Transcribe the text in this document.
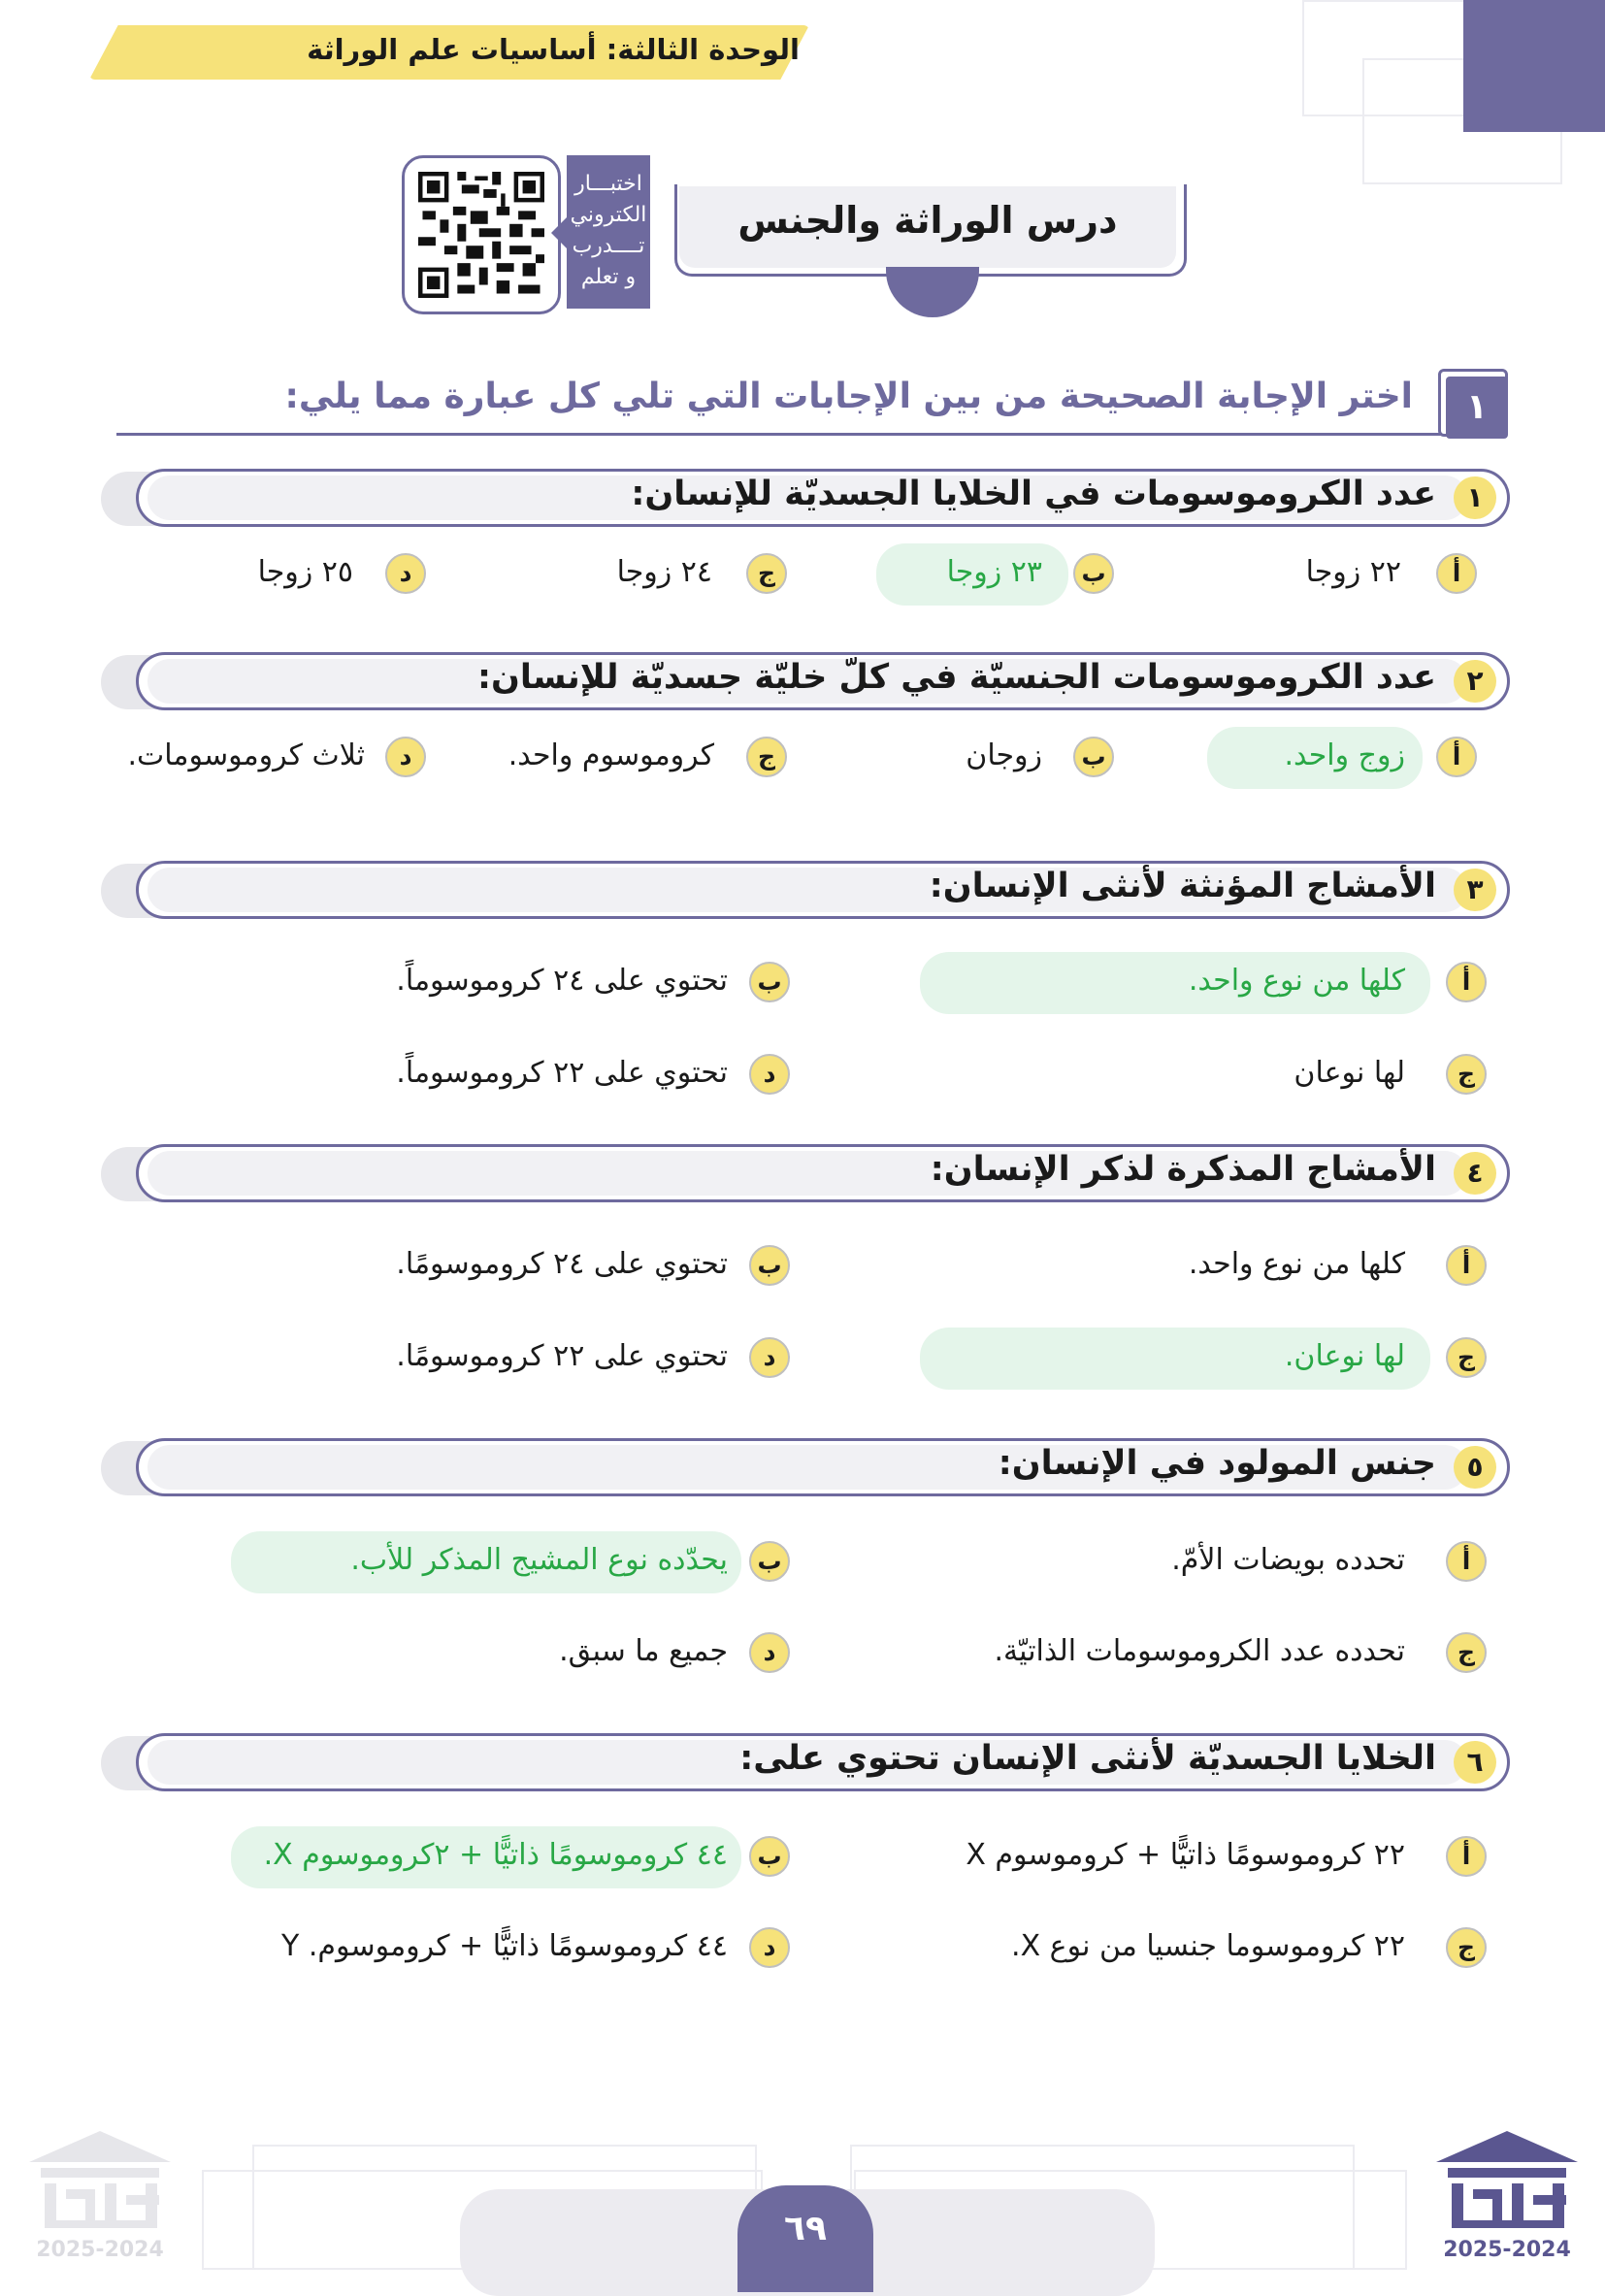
الوحدة الثالثة: أساسيات علم الوراثة
درس الوراثة والجنس
اختبـــار
الكتروني
تــــدرب
و تعلم
١
اختر الإجابة الصحيحة من بين الإجابات التي تلي كل عبارة مما يلي:
١
عدد الكروموسومات في الخلايا الجسديّة للإنسان:
أ
٢٢ زوجا
ب
٢٣ زوجا
ج
٢٤ زوجا
د
٢٥ زوجا
٢
عدد الكروموسومات الجنسيّة في كلّ خليّة جسديّة للإنسان:
أ
زوج واحد.
ب
زوجان
ج
كروموسوم واحد.
د
ثلاث كروموسومات.
٣
الأمشاج المؤنثة لأنثى الإنسان:
أ
كلها من نوع واحد.
ب
تحتوي على ٢٤ كروموسوماً.
ج
لها نوعان
د
تحتوي على ٢٢ كروموسوماً.
٤
الأمشاج المذكرة لذكر الإنسان:
أ
كلها من نوع واحد.
ب
تحتوي على ٢٤ كروموسومًا.
ج
لها نوعان.
د
تحتوي على ٢٢ كروموسومًا.
٥
جنس المولود في الإنسان:
أ
تحدده بويضات الأمّ.
ب
يحدّده نوع المشيج المذكر للأب.
ج
تحدده عدد الكروموسومات الذاتيّة.
د
جميع ما سبق.
٦
الخلايا الجسديّة لأنثى الإنسان تحتوي على:
أ
٢٢ كروموسومًا ذاتيًّا + كروموسوم X
ب
٤٤ كروموسومًا ذاتيًّا + ٢كروموسوم X.
ج
٢٢ كروموسوما جنسيا من نوع X.
د
٤٤ كروموسومًا ذاتيًّا + كروموسوم. Y
٦٩
2025-2024
2025-2024
